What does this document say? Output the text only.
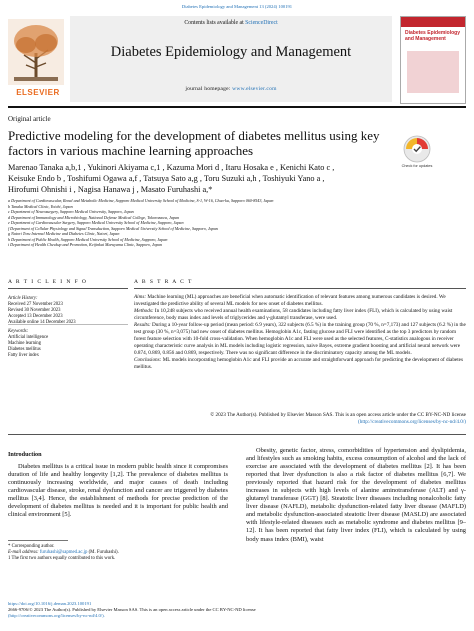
Diabetes Epidemiology and Management 13 (2024) 100191
ELSEVIER
Contents lists available at ScienceDirect
Diabetes Epidemiology and Management
journal homepage: www.elsevier.com
Diabetes Epidemiology and Management
Original article
Predictive modeling for the development of diabetes mellitus using key factors in various machine learning approaches
Check for updates
Marenao Tanaka a,b,1 , Yukinori Akiyama c,1 , Kazuma Mori d , Itaru Hosaka e , Kenichi Kato c ,
Keisuke Endo b , Toshifumi Ogawa a,f , Tatsuya Sato a,g , Toru Suzuki a,h , Toshiyuki Yano a ,
Hirofumi Ohnishi i , Nagisa Hanawa j , Masato Furuhashi a,*
a Department of Cardiovascular, Renal and Metabolic Medicine, Sapporo Medical University School of Medicine, S-1, W-16, Chuo-ku, Sapporo 060-8543, Japan
b Tanaka Medical Clinic, Yoichi, Japan
c Department of Neurosurgery, Sapporo Medical University, Sapporo, Japan
d Department of Immunology and Microbiology, National Defense Medical College, Tokorozawa, Japan
e Department of Cardiovascular Surgery, Sapporo Medical University School of Medicine, Sapporo, Japan
f Department of Cellular Physiology and Signal Transduction, Sapporo Medical University School of Medicine, Sapporo, Japan
g Natori Toru Internal Medicine and Diabetes Clinic, Natori, Japan
h Department of Public Health, Sapporo Medical University School of Medicine, Sapporo, Japan
i Department of Health Checkup and Promotion, Keijinkai Maruyama Clinic, Sapporo, Japan
A R T I C L E I N F O	A B S T R A C T
Article History:
Received 27 November 2023
Revised 30 November 2023
Accepted 13 December 2023
Available online 14 December 2023
Keywords:
Artificial intelligence
Machine learning
Diabetes mellitus
Fatty liver index

Aims: Machine learning (ML) approaches are beneficial when automatic identification of relevant features among numerous candidates is desired. We investigated the predictive ability of several ML models for new onset of diabetes mellitus.

Methods: In 10,248 subjects who received annual health examinations, 58 candidates including fatty liver index (FLI), which is calculated by using waist circumference, body mass index and levels of triglycerides and γ-glutamyl transferase, were used.

Results: During a 10-year follow-up period (mean period: 6.9 years), 322 subjects (6.5 %) in the training group (70 %, n=7,173) and 127 subjects (6.2 %) in the test group (30 %, n=3,075) had new onset of diabetes mellitus. Hemoglobin A1c, fasting glucose and FLI were identified as the top 3 predictors by random forest feature selection with 10-fold cross-validation. When hemoglobin A1c and FLI were used as the selected features, C-statistics analogous in receiver operating characteristic curve analysis in ML models including logistic regression, naive Bayes, extreme gradient boosting and artificial neural network were 0.874, 0.869, 0.856 and 0.869, respectively. There was no significant difference in the discriminatory capacity among the ML models.

Conclusions: ML models incorporating hemoglobin A1c and FLI provide an accurate and straightforward approach for predicting the development of diabetes mellitus.

© 2023 The Author(s). Published by Elsevier Masson SAS. This is an open access article under the CC BY-NC-ND license
(http://creativecommons.org/licenses/by-nc-nd/4.0/)
Introduction
Diabetes mellitus is a critical issue in modern public health since it compromises duration of life and healthy longevity [1,2]. The prevalence of diabetes mellitus is continuously increasing worldwide, and major causes of death including cardiovascular disease, stroke, renal dysfunction and cancer are triggered by diabetes mellitus [3,4]. Hence, the establishment of methods for precise prediction of the development of diabetes mellitus is needed and it is important for public health and clinical environment [5].
Obesity, genetic factor, stress, comorbidities of hypertension and dyslipidemia, and lifestyles such as smoking habits, excess consumption of alcohol and the lack of exercise are associated with the development of diabetes mellitus [2]. It has been reported that liver dysfunction is also a risk factor of diabetes mellitus [6,7]. We previously reported that hazard risk for the development of diabetes mellitus increases in subjects with high levels of alanine aminotransferase (ALT) and γ-glutamyl transferase (GGT) [8]. Steatotic liver diseases including nonalcoholic fatty liver disease (NAFLD), metabolic dysfunction-related fatty liver disease (MAFLD) and metabolic dysfunction-associated steatotic liver disease (MASLD) are associated with lifestyle-related diseases such as metabolic syndrome and diabetes mellitus [9–12]. It has been reported that fatty liver index (FLI), which is calculated by using body mass index (BMI), waist
* Corresponding author.
E-mail address: furuhashi@sapmed.ac.jp (M. Furuhashi).
1 The first two authors equally contributed to this work.
https://doi.org/10.1016/j.deman.2023.100191
2666-9706/© 2023 The Author(s). Published by Elsevier Masson SAS. This is an open access article under the CC BY-NC-ND license
(http://creativecommons.org/licenses/by-nc-nd/4.0/).
